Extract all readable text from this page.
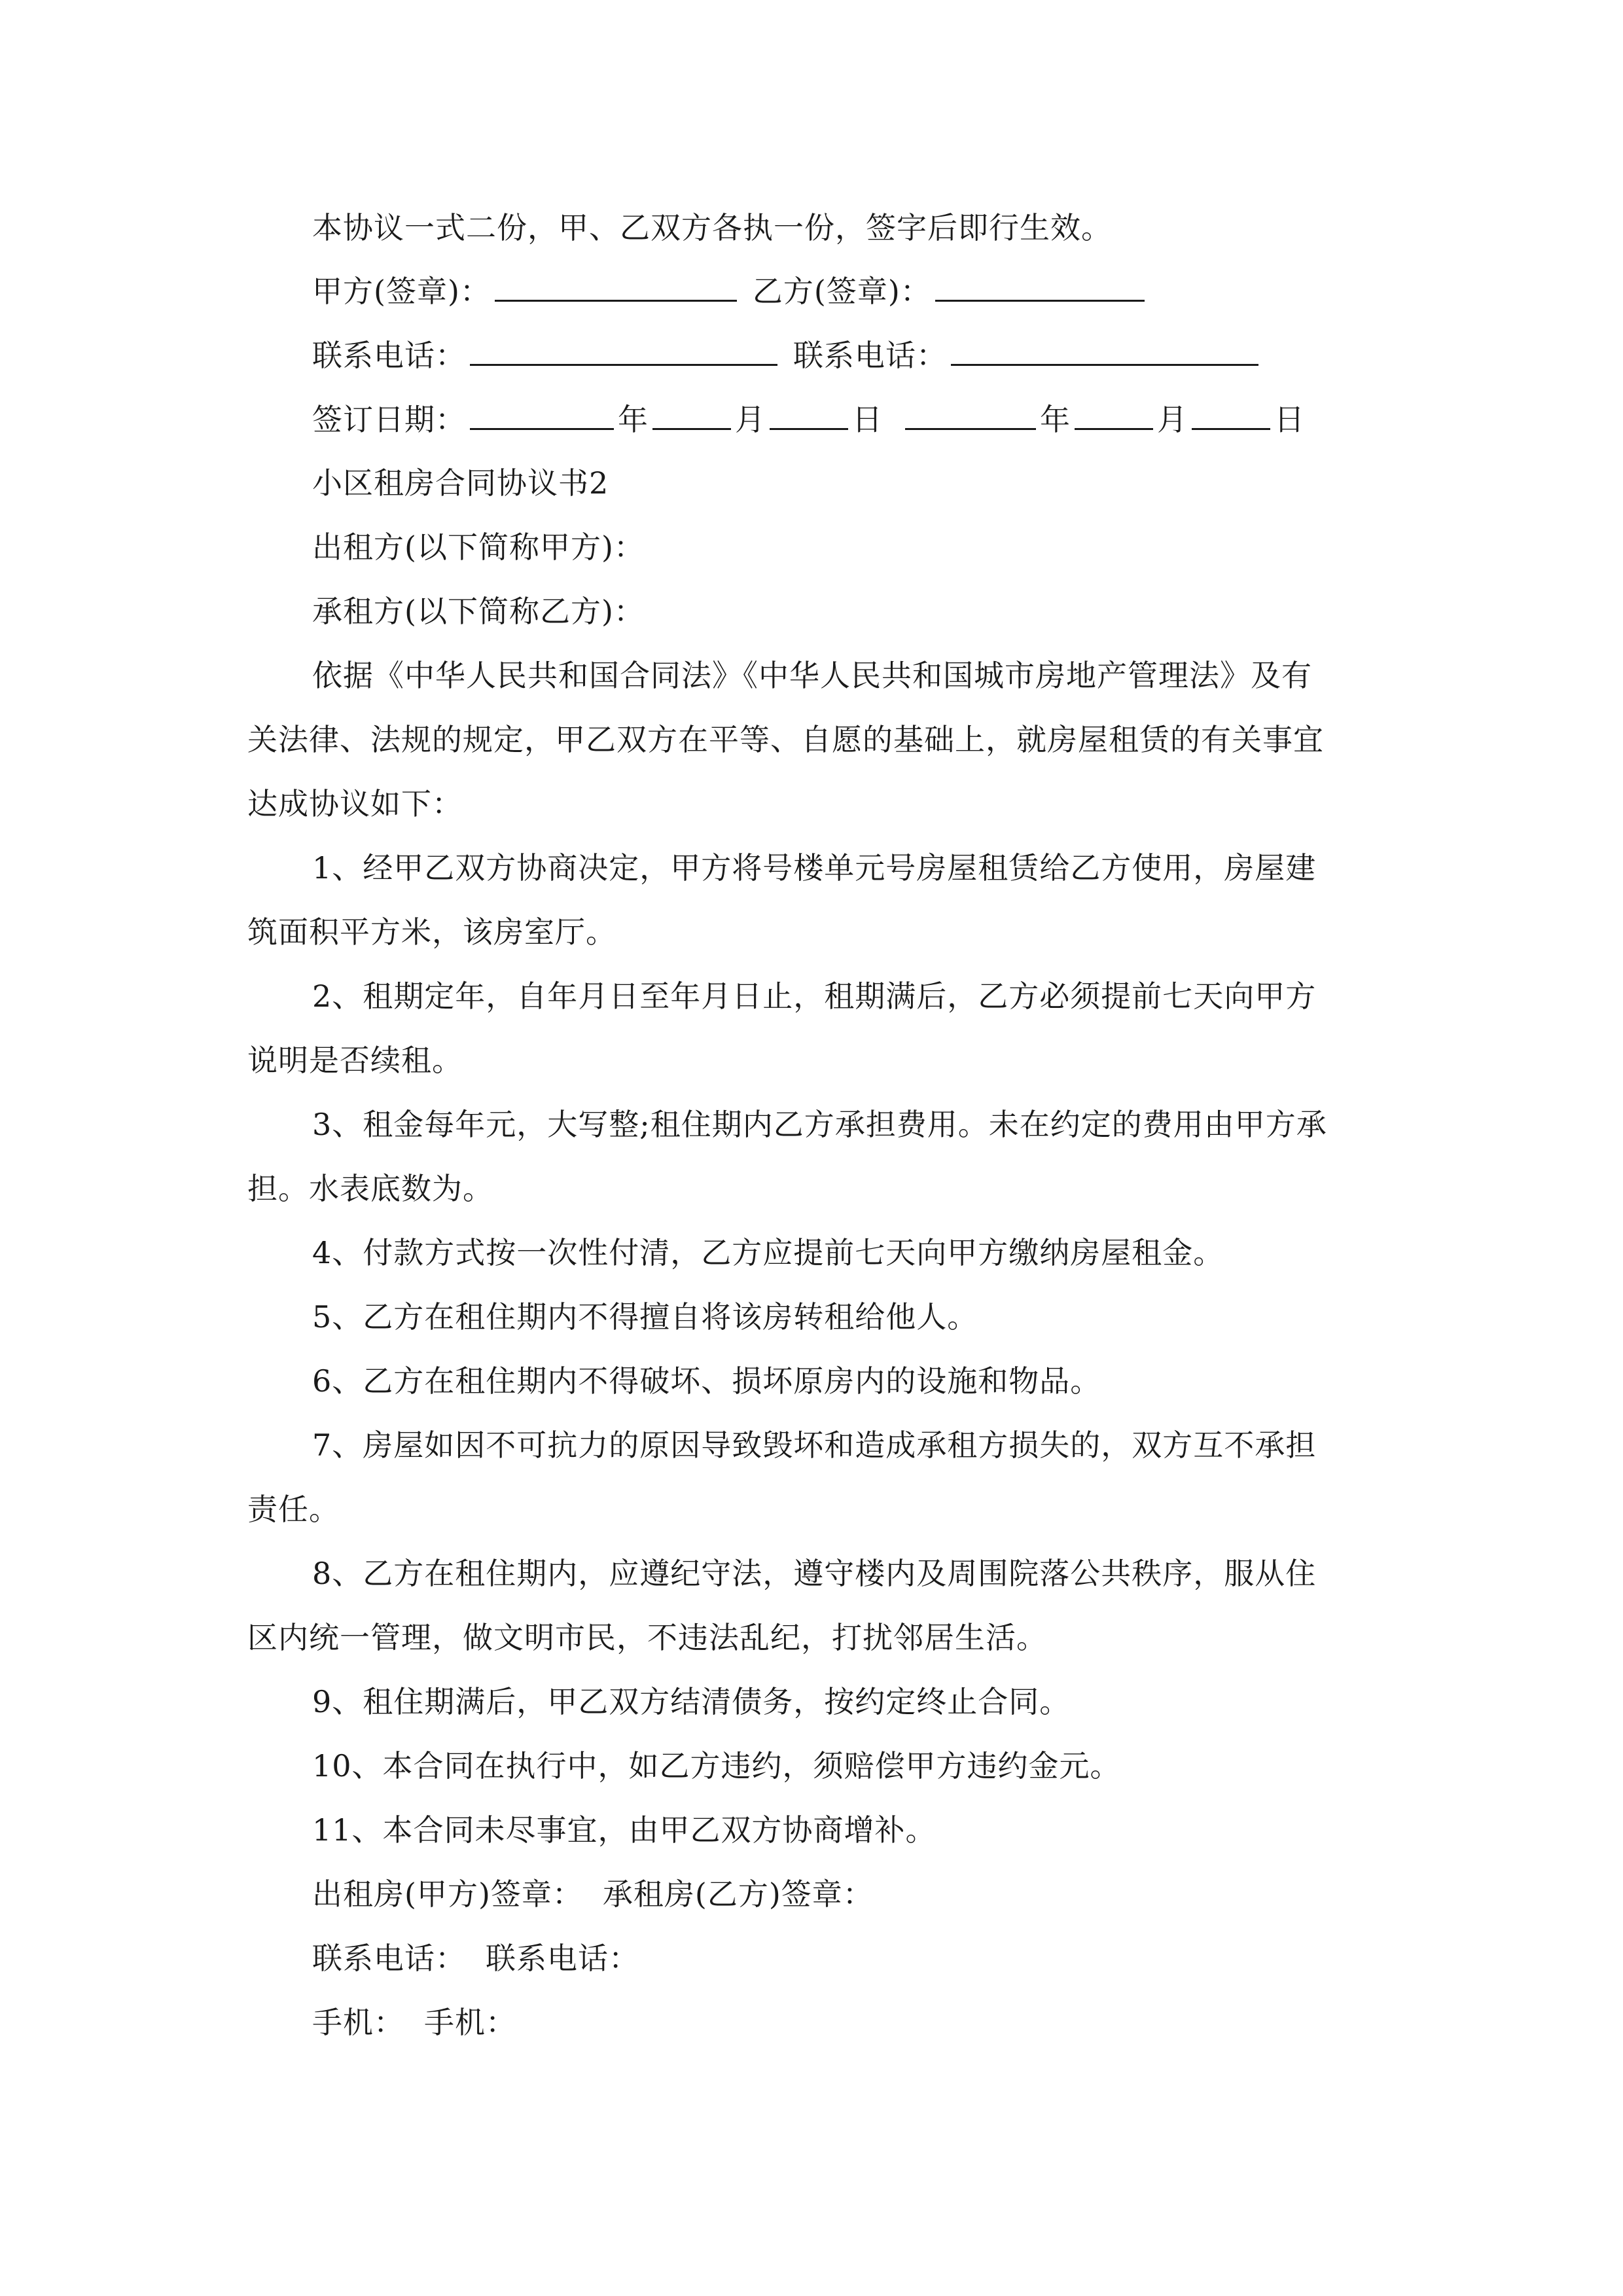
本协议一式二份，甲、乙双方各执一份，签字后即行生效。
甲方(签章)：	乙方(签章)：
联系电话：	联系电话：
签订日期：	年	月	日	年	月	日
小区租房合同协议书2
出租方(以下简称甲方)：
承租方(以下简称乙方)：
依据《中华人民共和国合同法》《中华人民共和国城市房地产管理法》及有
关法律、法规的规定，甲乙双方在平等、自愿的基础上，就房屋租赁的有关事宜
达成协议如下：
1、经甲乙双方协商决定，甲方将号楼单元号房屋租赁给乙方使用，房屋建
筑面积平方米，该房室厅。
2、租期定年，自年月日至年月日止，租期满后，乙方必须提前七天向甲方
说明是否续租。
3、租金每年元，大写整;租住期内乙方承担费用。未在约定的费用由甲方承
担。水表底数为。
4、付款方式按一次性付清，乙方应提前七天向甲方缴纳房屋租金。
5、乙方在租住期内不得擅自将该房转租给他人。
6、乙方在租住期内不得破坏、损坏原房内的设施和物品。
7、房屋如因不可抗力的原因导致毁坏和造成承租方损失的，双方互不承担
责任。
8、乙方在租住期内，应遵纪守法，遵守楼内及周围院落公共秩序，服从住
区内统一管理，做文明市民，不违法乱纪，打扰邻居生活。
9、租住期满后，甲乙双方结清债务，按约定终止合同。
10、本合同在执行中，如乙方违约，须赔偿甲方违约金元。
11、本合同未尽事宜，由甲乙双方协商增补。
出租房(甲方)签章： 承租房(乙方)签章：
联系电话： 联系电话：
手机： 手机：
